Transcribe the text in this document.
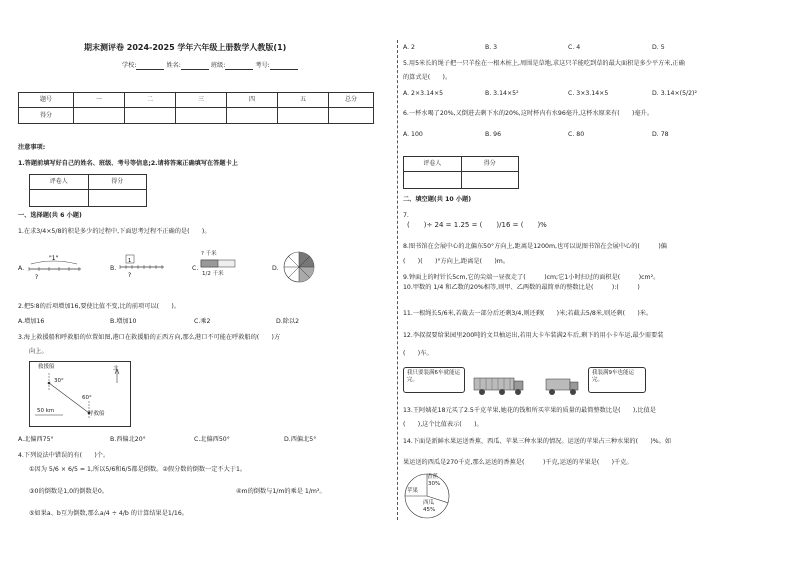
期末测评卷 2024-2025 学年六年级上册数学人教版(1)
学校:	姓名:	班级:	考号:
题号	一	二	三	四	五	总分
得分						
注意事项:
1.答题前填写好自己的姓名、班级、考号等信息;2.请将答案正确填写在答题卡上
评卷人	得分

一、选择题(共 6 小题)
1.在求3/4×5/8的积是多少的过程中,下面思考过程不正确的是(　　)。
A.
"1"
?
B.
1
?
C.
? 千米
1/2 千米
D.
2.把5∶8的后项增加16,要使比值不变,比的前项可以(　　)。
A.增加16	B.增加10	C.乘2	D.除以2
3.海上救援船和呼救船的位置如图,港口在救援船的正西方向,那么港口不可能在呼救船的(　　)方
向上。
救援船	北
30°
60°
50 km	呼救船
A.北偏西75°	B.西偏北20°	C.北偏西50°	D.西偏北5°
4.下列说法中错误的有(　　)个。
①因为 5/6 × 6/5 = 1,所以5/6和6/5都是倒数。②假分数的倒数一定不大于1。
③0的倒数是1,0的倒数是0。	④m的倒数与1/m的乘是 1/m²。
⑤如果a、b互为倒数,那么a/4 ÷ 4/b 的计算结果是1/16。
A. 2	B. 3	C. 4	D. 5
5.用5米长的绳子把一只羊拴在一根木桩上,周围是草地,求这只羊能吃到草的最大面积是多少平方米,正确
的算式是(　　)。
A. 2×3.14×5	B. 3.14×5²	C. 3×3.14×5	D. 3.14×(5/2)²
6.一杯水喝了20%,又倒进去剩下水的20%,这时杯内有水96毫升,这杯水原来有(　　)毫升。
A. 100	B. 96	C. 80	D. 78
评卷人	得分

二、填空题(共 10 小题)
7.
(　　)÷ 24 = 1.25 = (　　)/16 = (　　)%
8.图书馆在会展中心的北偏东50°方向上,距离是1200m,也可以说图书馆在会展中心的(　　　)偏
(　　)(　　)°方向上,距离是(　　)m。
9.钟面上的时针长5cm,它的尖端一昼夜走了(　　　)cm;它1小时扫过的面积是(　　　)cm²。
10.甲数的 1/4 和乙数的20%相等,则甲、乙两数的最简单的整数比是(　　　):(　　　)
11.一根绳长5/6米,若截去一部分后还剩3/4,则还剩(　　)米;若截去5/8米,则还剩(　　)米。
12.李叔叔要给果园里200吨的文旦柚运出,若用大卡车装满2车后,剩下的用小卡车运,最少需要装
(　　)车。
我只要装满6车就能运完。
我装满9车也能运完。
13.王阿姨花18元买了2.5千克苹果,她花的钱和所买苹果的质量的最简整数比是(　　),比值是
(　　),这个比值表示(　　)。
14.下面是新鲜水果运送香蕉、西瓜、苹果三种水果的情况。运送的苹果占三种水果的(　　)%。如
果运送的西瓜是270千克,那么运送的香蕉是(　　　)千克,运送的苹果是(　　)千克。
香蕉
30%
苹果
西瓜
45%
